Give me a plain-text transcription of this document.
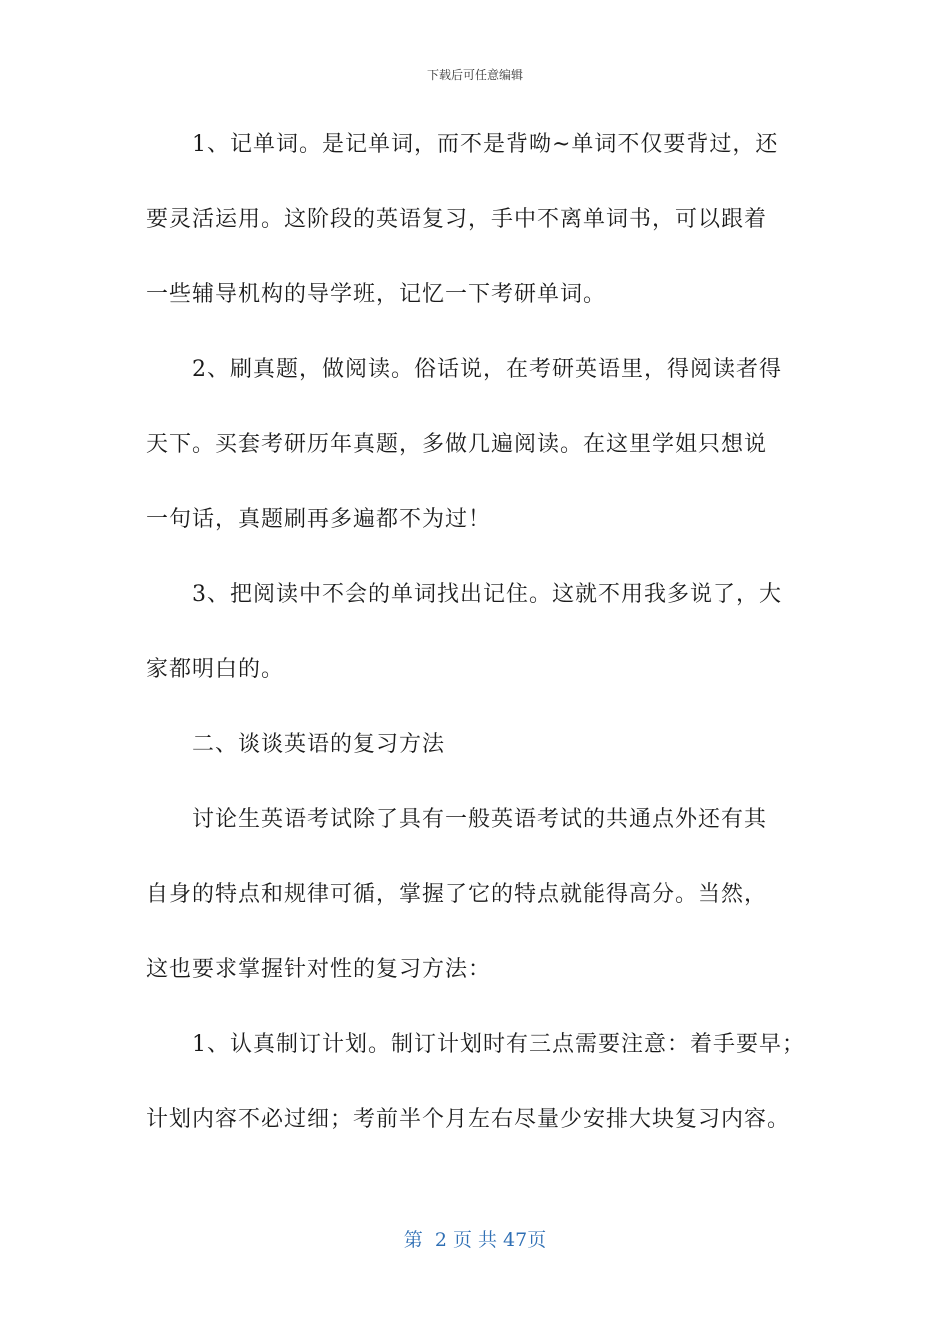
下载后可任意编辑
1、记单词。是记单词，而不是背呦~单词不仅要背过，还
要灵活运用。这阶段的英语复习，手中不离单词书，可以跟着
一些辅导机构的导学班，记忆一下考研单词。
2、刷真题，做阅读。俗话说，在考研英语里，得阅读者得
天下。买套考研历年真题，多做几遍阅读。在这里学姐只想说
一句话，真题刷再多遍都不为过！
3、把阅读中不会的单词找出记住。这就不用我多说了，大
家都明白的。
二、谈谈英语的复习方法
讨论生英语考试除了具有一般英语考试的共通点外还有其
自身的特点和规律可循，掌握了它的特点就能得高分。当然，
这也要求掌握针对性的复习方法：
1、认真制订计划。制订计划时有三点需要注意：着手要早；
计划内容不必过细；考前半个月左右尽量少安排大块复习内容。
第  2 页 共 47页
